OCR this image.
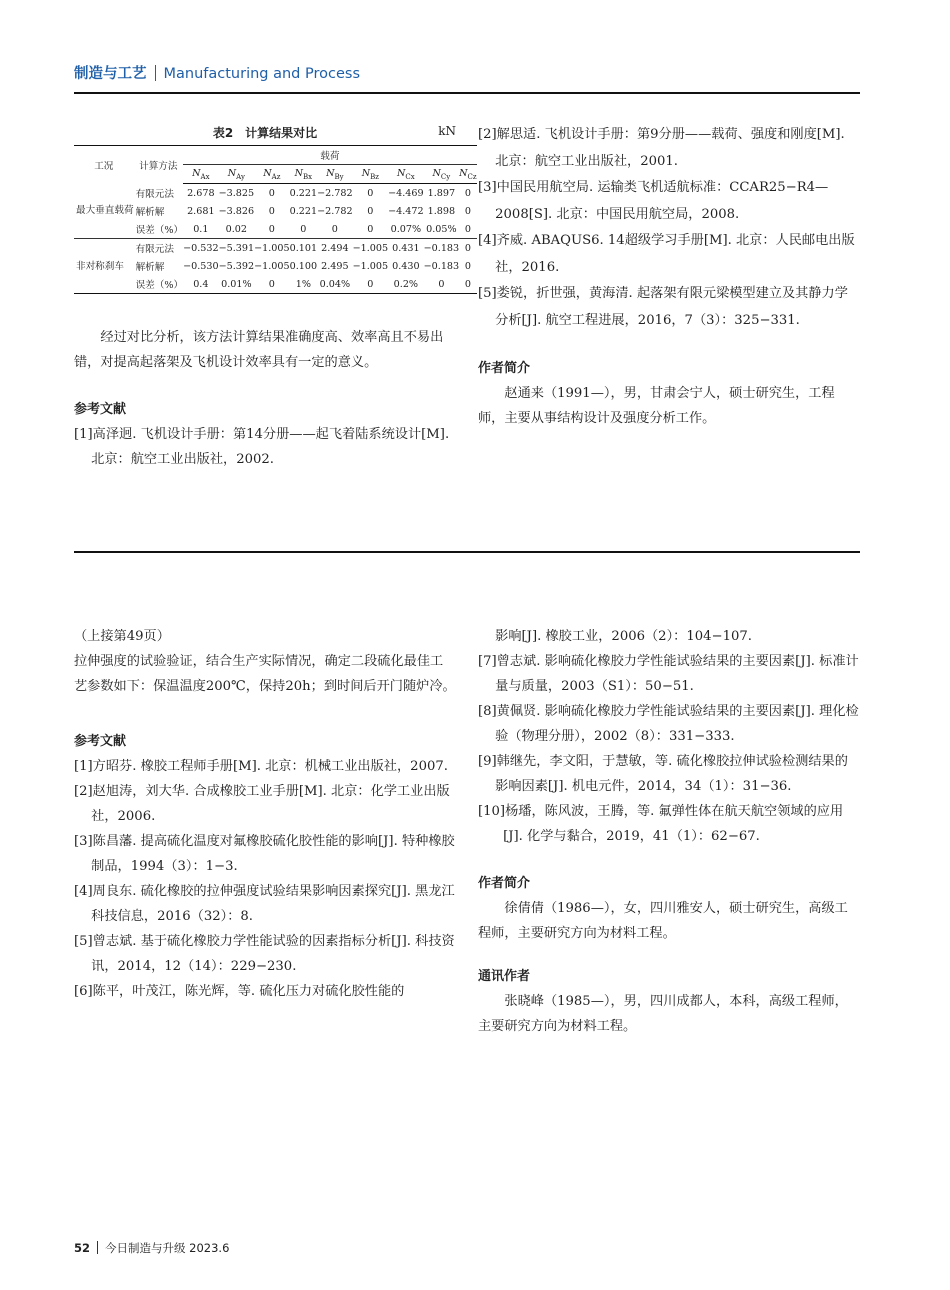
制造与工艺 Manufacturing and Process
表2　计算结果对比	kN
工况	计算方法	载荷								
		$N_{Ax}$	$N_{Ay}$	$N_{Az}$	$N_{Bx}$	$N_{By}$	$N_{Bz}$	$N_{Cx}$	$N_{Cy}$	$N_{Cz}$
最大垂直载荷	有限元法	2.678	−3.825	0	0.221	−2.782	0	−4.469	1.897	0
	解析解	2.681	−3.826	0	0.221	−2.782	0	−4.472	1.898	0
	误差（%）	0.1	0.02	0	0	0	0	0.07%	0.05%	0
非对称刹车	有限元法	−0.532	−5.391	−1.005	0.101	2.494	−1.005	0.431	−0.183	0
	解析解	−0.530	−5.392	−1.005	0.100	2.495	−1.005	0.430	−0.183	0
	误差（%）	0.4	0.01%	0	1%	0.04%	0	0.2%	0	0

经过对比分析，该方法计算结果准确度高、效率高且不易出错，对提高起落架及飞机设计效率具有一定的意义。

参考文献

[1]高泽迥. 飞机设计手册：第14分册——起飞着陆系统设计[M]. 北京：航空工业出版社，2002.

[2]解思适. 飞机设计手册：第9分册——载荷、强度和刚度[M]. 北京：航空工业出版社，2001.

[3]中国民用航空局. 运输类飞机适航标准：CCAR25−R4—2008[S]. 北京：中国民用航空局，2008.

[4]齐威. ABAQUS6. 14超级学习手册[M]. 北京：人民邮电出版社，2016.

[5]娄锐，折世强，黄海清. 起落架有限元梁模型建立及其静力学分析[J]. 航空工程进展，2016，7（3）：325−331.

作者简介

赵通来（1991—），男，甘肃会宁人，硕士研究生，工程师，主要从事结构设计及强度分析工作。

（上接第49页）

拉伸强度的试验验证，结合生产实际情况，确定二段硫化最佳工艺参数如下：保温温度200℃，保持20h；到时间后开门随炉冷。

参考文献

[1]方昭芬. 橡胶工程师手册[M]. 北京：机械工业出版社，2007.

[2]赵旭涛，刘大华. 合成橡胶工业手册[M]. 北京：化学工业出版社，2006.

[3]陈昌藩. 提高硫化温度对氟橡胶硫化胶性能的影响[J]. 特种橡胶制品，1994（3）：1−3.

[4]周良东. 硫化橡胶的拉伸强度试验结果影响因素探究[J]. 黑龙江科技信息，2016（32）：8.

[5]曾志斌. 基于硫化橡胶力学性能试验的因素指标分析[J]. 科技资讯，2014，12（14）：229−230.

[6]陈平，叶茂江，陈光辉，等. 硫化压力对硫化胶性能的

影响[J]. 橡胶工业，2006（2）：104−107.

[7]曾志斌. 影响硫化橡胶力学性能试验结果的主要因素[J]. 标准计量与质量，2003（S1）：50−51.

[8]黄佩贤. 影响硫化橡胶力学性能试验结果的主要因素[J]. 理化检验（物理分册），2002（8）：331−333.

[9]韩继先，李文阳，于慧敏，等. 硫化橡胶拉伸试验检测结果的影响因素[J]. 机电元件，2014，34（1）：31−36.

[10]杨璠，陈风波，王腾，等. 氟弹性体在航天航空领域的应用[J]. 化学与黏合，2019，41（1）：62−67.

作者简介

徐倩倩（1986—），女，四川雅安人，硕士研究生，高级工程师，主要研究方向为材料工程。

通讯作者

张晓峰（1985—），男，四川成都人，本科，高级工程师，主要研究方向为材料工程。

52 今日制造与升级 2023.6
